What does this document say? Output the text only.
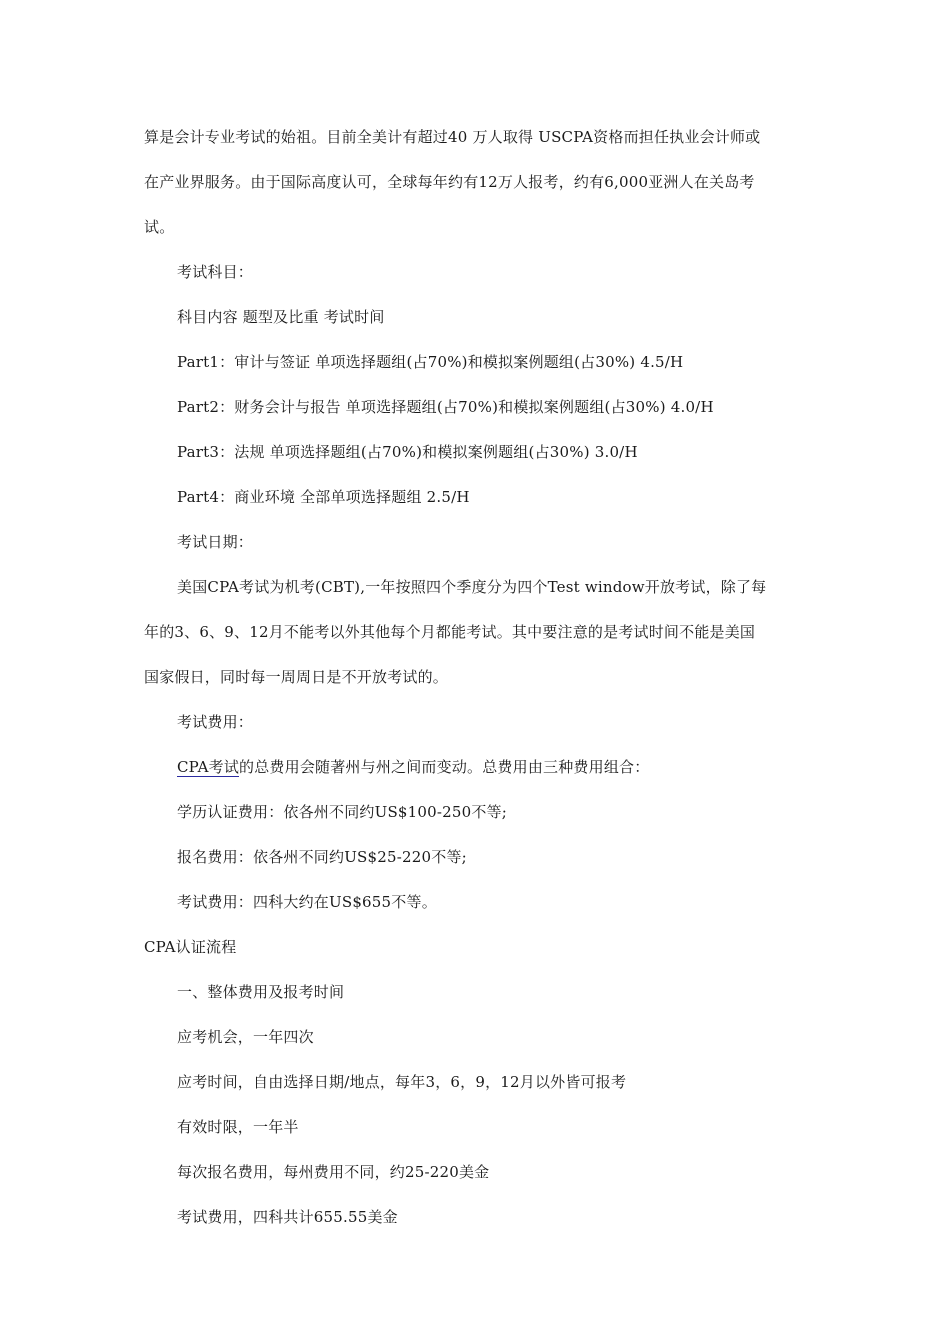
算是会计专业考试的始祖。目前全美计有超过40 万人取得 USCPA资格而担任执业会计师或
在产业界服务。由于国际高度认可，全球每年约有12万人报考，约有6,000亚洲人在关岛考
试。
考试科目：
科目内容 题型及比重 考试时间
Part1：审计与签证 单项选择题组(占70%)和模拟案例题组(占30%) 4.5/H
Part2：财务会计与报告 单项选择题组(占70%)和模拟案例题组(占30%) 4.0/H
Part3：法规 单项选择题组(占70%)和模拟案例题组(占30%) 3.0/H
Part4：商业环境 全部单项选择题组 2.5/H
考试日期：
美国CPA考试为机考(CBT),一年按照四个季度分为四个Test window开放考试，除了每
年的3、6、9、12月不能考以外其他每个月都能考试。其中要注意的是考试时间不能是美国
国家假日，同时每一周周日是不开放考试的。
考试费用：
CPA考试的总费用会随著州与州之间而变动。总费用由三种费用组合：
学历认证费用：依各州不同约US$100-250不等;
报名费用：依各州不同约US$25-220不等;
考试费用：四科大约在US$655不等。
CPA认证流程
一、整体费用及报考时间
应考机会，一年四次
应考时间，自由选择日期/地点，每年3，6，9，12月以外皆可报考
有效时限，一年半
每次报名费用，每州费用不同，约25-220美金
考试费用，四科共计655.55美金
